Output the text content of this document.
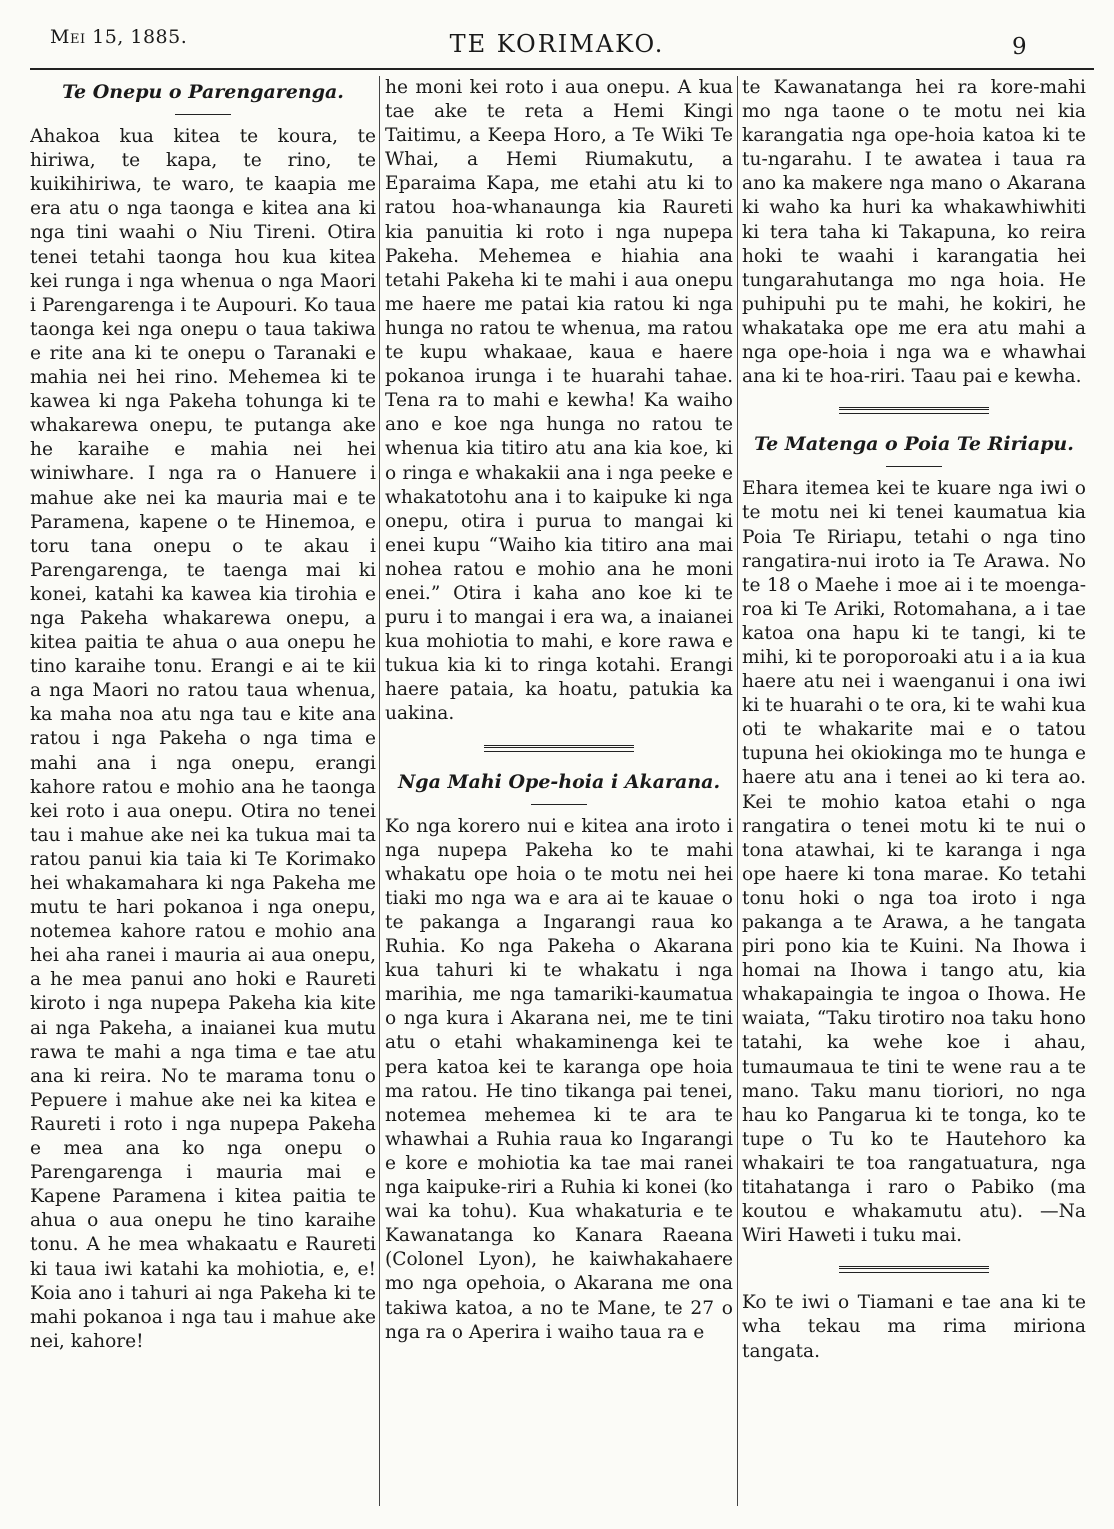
Mei 15, 1885.	TE KORIMAKO.	9
Te Onepu o Parengarenga.

Ahakoa kua kitea te koura, te hiriwa, te kapa, te rino, te kuikihiriwa, te waro, te kaapia me era atu o nga taonga e kitea ana ki nga tini waahi o Niu Tireni. Otira tenei tetahi taonga hou kua kitea kei runga i nga whenua o nga Maori i Parengarenga i te Aupouri. Ko taua taonga kei nga onepu o taua takiwa e rite ana ki te onepu o Taranaki e mahia nei hei rino. Mehemea ki te kawea ki nga Pakeha tohunga ki te whakarewa onepu, te putanga ake he karaihe e mahia nei hei winiwhare. I nga ra o Hanuere i mahue ake nei ka mauria mai e te Paramena, kapene o te Hinemoa, e toru tana onepu o te akau i Parengarenga, te taenga mai ki konei, katahi ka kawea kia tirohia e nga Pakeha whakarewa onepu, a kitea paitia te ahua o aua onepu he tino karaihe tonu. Erangi e ai te kii a nga Maori no ratou taua whenua, ka maha noa atu nga tau e kite ana ratou i nga Pakeha o nga tima e mahi ana i nga onepu, erangi kahore ratou e mohio ana he taonga kei roto i aua onepu. Otira no tenei tau i mahue ake nei ka tukua mai ta ratou panui kia taia ki Te Korimako hei whakamahara ki nga Pakeha me mutu te hari pokanoa i nga onepu, notemea kahore ratou e mohio ana hei aha ranei i mauria ai aua onepu, a he mea panui ano hoki e Raureti kiroto i nga nupepa Pakeha kia kite ai nga Pakeha, a inaianei kua mutu rawa te mahi a nga tima e tae atu ana ki reira. No te marama tonu o Pepuere i mahue ake nei ka kitea e Raureti i roto i nga nupepa Pakeha e mea ana ko nga onepu o Parengarenga i mauria mai e Kapene Paramena i kitea paitia te ahua o aua onepu he tino karaihe tonu. A he mea whakaatu e Raureti ki taua iwi katahi ka mohiotia, e, e! Koia ano i tahuri ai nga Pakeha ki te mahi pokanoa i nga tau i mahue ake nei, kahore!

he moni kei roto i aua onepu. A kua tae ake te reta a Hemi Kingi Taitimu, a Keepa Horo, a Te Wiki Te Whai, a Hemi Riumakutu, a Eparaima Kapa, me etahi atu ki to ratou hoa-whanaunga kia Raureti kia panuitia ki roto i nga nupepa Pakeha. Mehemea e hiahia ana tetahi Pakeha ki te mahi i aua onepu me haere me patai kia ratou ki nga hunga no ratou te whenua, ma ratou te kupu whakaae, kaua e haere pokanoa irunga i te huarahi tahae. Tena ra to mahi e kewha! Ka waiho ano e koe nga hunga no ratou te whenua kia titiro atu ana kia koe, ki o ringa e whakakii ana i nga peeke e whakatotohu ana i to kaipuke ki nga onepu, otira i purua to mangai ki enei kupu “Waiho kia titiro ana mai nohea ratou e mohio ana he moni enei.” Otira i kaha ano koe ki te puru i to mangai i era wa, a inaianei kua mohiotia to mahi, e kore rawa e tukua kia ki to ringa kotahi. Erangi haere pataia, ka hoatu, patukia ka uakina.

Nga Mahi Ope-hoia i Akarana.

Ko nga korero nui e kitea ana iroto i nga nupepa Pakeha ko te mahi whakatu ope hoia o te motu nei hei tiaki mo nga wa e ara ai te kauae o te pakanga a Ingarangi raua ko Ruhia. Ko nga Pakeha o Akarana kua tahuri ki te whakatu i nga marihia, me nga tamariki-kaumatua o nga kura i Akarana nei, me te tini atu o etahi whakaminenga kei te pera katoa kei te karanga ope hoia ma ratou. He tino tikanga pai tenei, notemea mehemea ki te ara te whawhai a Ruhia raua ko Ingarangi e kore e mohiotia ka tae mai ranei nga kaipuke-riri a Ruhia ki konei (ko wai ka tohu). Kua whakaturia e te Kawanatanga ko Kanara Raeana (Colonel Lyon), he kaiwhakahaere mo nga opehoia, o Akarana me ona takiwa katoa, a no te Mane, te 27 o nga ra o Aperira i waiho taua ra e

te Kawanatanga hei ra kore-mahi mo nga taone o te motu nei kia karangatia nga ope-hoia katoa ki te tu-ngarahu. I te awatea i taua ra ano ka makere nga mano o Akarana ki waho ka huri ka whakawhiwhiti ki tera taha ki Takapuna, ko reira hoki te waahi i karangatia hei tungarahutanga mo nga hoia. He puhipuhi pu te mahi, he kokiri, he whakataka ope me era atu mahi a nga ope-hoia i nga wa e whawhai ana ki te hoa-riri. Taau pai e kewha.

Te Matenga o Poia Te Ririapu.

Ehara itemea kei te kuare nga iwi o te motu nei ki tenei kaumatua kia Poia Te Ririapu, tetahi o nga tino rangatira-nui iroto ia Te Arawa. No te 18 o Maehe i moe ai i te moenga-roa ki Te Ariki, Rotomahana, a i tae katoa ona hapu ki te tangi, ki te mihi, ki te poroporoaki atu i a ia kua haere atu nei i waenganui i ona iwi ki te huarahi o te ora, ki te wahi kua oti te whakarite mai e o tatou tupuna hei okiokinga mo te hunga e haere atu ana i tenei ao ki tera ao. Kei te mohio katoa etahi o nga rangatira o tenei motu ki te nui o tona atawhai, ki te karanga i nga ope haere ki tona marae. Ko tetahi tonu hoki o nga toa iroto i nga pakanga a te Arawa, a he tangata piri pono kia te Kuini. Na Ihowa i homai na Ihowa i tango atu, kia whakapaingia te ingoa o Ihowa. He waiata, “Taku tirotiro noa taku hono tatahi, ka wehe koe i ahau, tumaumaua te tini te wene rau a te mano. Taku manu tioriori, no nga hau ko Pangarua ki te tonga, ko te tupe o Tu ko te Hautehoro ka whakairi te toa rangatuatura, nga titahatanga i raro o Pabiko (ma koutou e whakamutu atu). —Na Wiri Haweti i tuku mai.

Ko te iwi o Tiamani e tae ana ki te wha tekau ma rima miriona tangata.
